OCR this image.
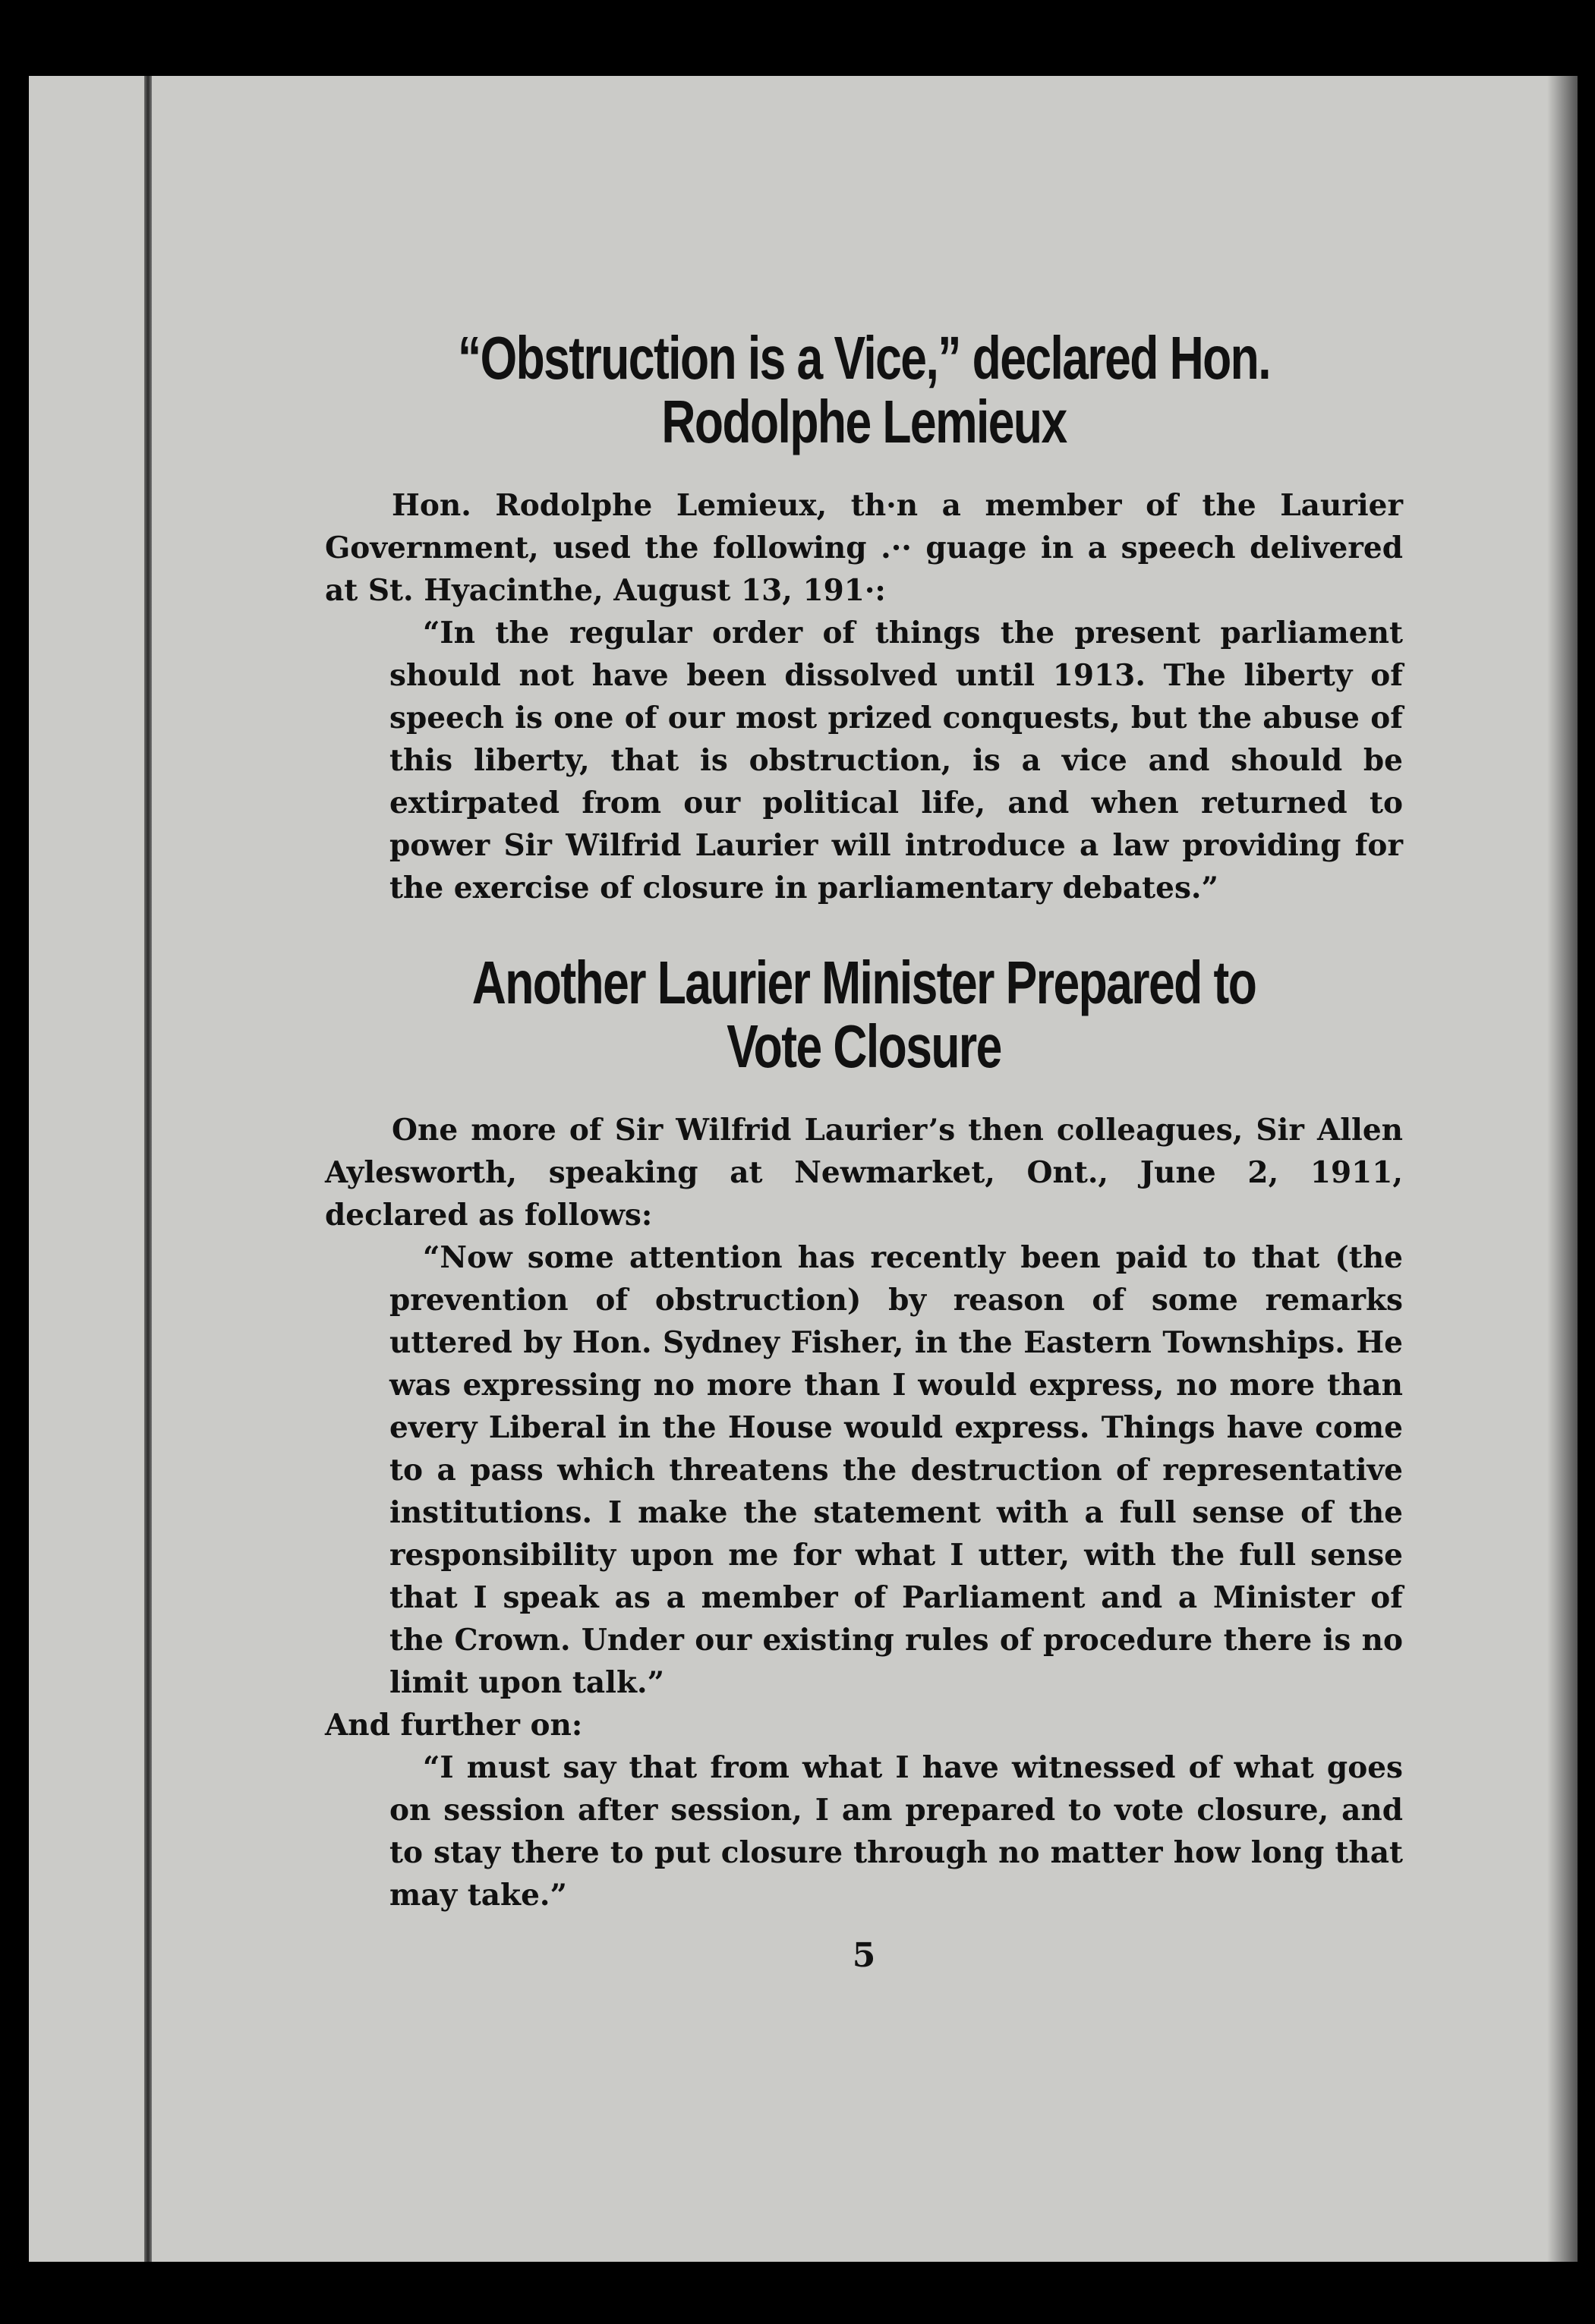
“Obstruction is a Vice,” declared Hon.
Rodolphe Lemieux

Hon. Rodolphe Lemieux, th·n a member of the Laurier Government, used the following .·· guage in a speech delivered at St. Hyacinthe, August 13, 191·:

“In the regular order of things the present parliament should not have been dissolved until 1913. The liberty of speech is one of our most prized conquests, but the abuse of this liberty, that is obstruction, is a vice and should be extirpated from our political life, and when returned to power Sir Wilfrid Laurier will introduce a law providing for the exercise of closure in parliamentary debates.”

Another Laurier Minister Prepared to
Vote Closure

One more of Sir Wilfrid Laurier’s then colleagues, Sir Allen Aylesworth, speaking at Newmarket, Ont., June 2, 1911, declared as follows:

“Now some attention has recently been paid to that (the prevention of obstruction) by reason of some remarks uttered by Hon. Sydney Fisher, in the Eastern Townships. He was expressing no more than I would express, no more than every Liberal in the House would express. Things have come to a pass which threatens the destruction of representative institutions. I make the statement with a full sense of the responsibility upon me for what I utter, with the full sense that I speak as a member of Parliament and a Minister of the Crown. Under our existing rules of procedure there is no limit upon talk.”

And further on:

“I must say that from what I have witnessed of what goes on session after session, I am prepared to vote closure, and to stay there to put closure through no matter how long that may take.”

5
